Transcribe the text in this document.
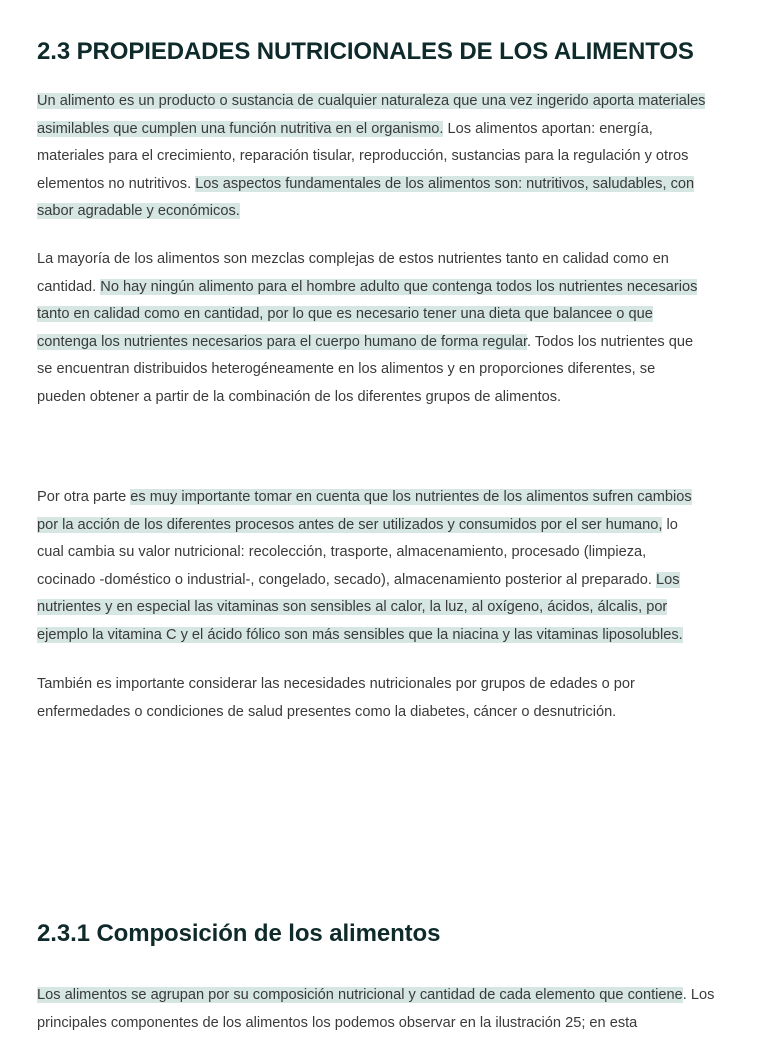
2.3 PROPIEDADES NUTRICIONALES DE LOS ALIMENTOS

Un alimento es un producto o sustancia de cualquier naturaleza que una vez ingerido aporta materiales asimilables que cumplen una función nutritiva en el organismo. Los alimentos aportan: energía, materiales para el crecimiento, reparación tisular, reproducción, sustancias para la regulación y otros elementos no nutritivos. Los aspectos fundamentales de los alimentos son: nutritivos, saludables, con sabor agradable y económicos.

La mayoría de los alimentos son mezclas complejas de estos nutrientes tanto en calidad como en cantidad. No hay ningún alimento para el hombre adulto que contenga todos los nutrientes necesarios tanto en calidad como en cantidad, por lo que es necesario tener una dieta que balancee o que contenga los nutrientes necesarios para el cuerpo humano de forma regular. Todos los nutrientes que se encuentran distribuidos heterogéneamente en los alimentos y en proporciones diferentes, se pueden obtener a partir de la combinación de los diferentes grupos de alimentos.

Por otra parte es muy importante tomar en cuenta que los nutrientes de los alimentos sufren cambios por la acción de los diferentes procesos antes de ser utilizados y consumidos por el ser humano, lo cual cambia su valor nutricional: recolección, trasporte, almacenamiento, procesado (limpieza, cocinado -doméstico o industrial-, congelado, secado), almacenamiento posterior al preparado. Los nutrientes y en especial las vitaminas son sensibles al calor, la luz, al oxígeno, ácidos, álcalis, por ejemplo la vitamina C y el ácido fólico son más sensibles que la niacina y las vitaminas liposolubles.

También es importante considerar las necesidades nutricionales por grupos de edades o por enfermedades o condiciones de salud presentes como la diabetes, cáncer o desnutrición.

2.3.1 Composición de los alimentos

Los alimentos se agrupan por su composición nutricional y cantidad de cada elemento que contiene. Los principales componentes de los alimentos los podemos observar en la ilustración 25; en esta
